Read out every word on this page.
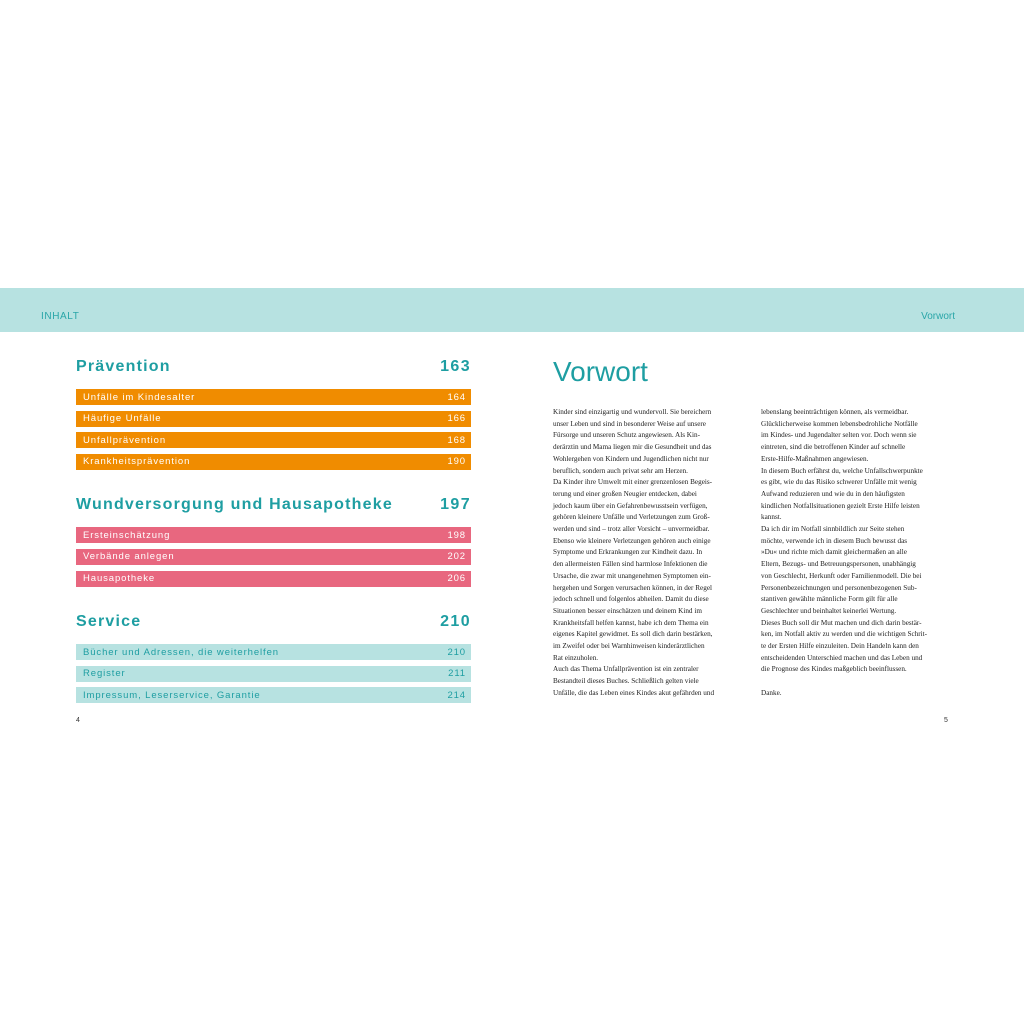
INHALT	Vorwort
Prävention	163
Unfälle im Kindesalter	164
Häufige Unfälle	166
Unfallprävention	168
Krankheitsprävention	190
Wundversorgung und Hausapotheke	197
Ersteinschätzung	198
Verbände anlegen	202
Hausapotheke	206
Service	210
Bücher und Adressen, die weiterhelfen	210
Register	211
Impressum, Leserservice, Garantie	214
4	5
Vorwort
Kinder sind einzigartig und wundervoll. Sie bereichern
unser Leben und sind in besonderer Weise auf unsere
Fürsorge und unseren Schutz angewiesen. Als Kin-
derärztin und Mama liegen mir die Gesundheit und das
Wohlergehen von Kindern und Jugendlichen nicht nur
beruflich, sondern auch privat sehr am Herzen.
Da Kinder ihre Umwelt mit einer grenzenlosen Begeis-
terung und einer großen Neugier entdecken, dabei
jedoch kaum über ein Gefahrenbewusstsein verfügen,
gehören kleinere Unfälle und Verletzungen zum Groß-
werden und sind – trotz aller Vorsicht – unvermeidbar.
Ebenso wie kleinere Verletzungen gehören auch einige
Symptome und Erkrankungen zur Kindheit dazu. In
den allermeisten Fällen sind harmlose Infektionen die
Ursache, die zwar mit unangenehmen Symptomen ein-
hergehen und Sorgen verursachen können, in der Regel
jedoch schnell und folgenlos abheilen. Damit du diese
Situationen besser einschätzen und deinem Kind im
Krankheitsfall helfen kannst, habe ich dem Thema ein
eigenes Kapitel gewidmet. Es soll dich darin bestärken,
im Zweifel oder bei Warnhinweisen kinderärztlichen
Rat einzuholen.
Auch das Thema Unfallprävention ist ein zentraler
Bestandteil dieses Buches. Schließlich gelten viele
Unfälle, die das Leben eines Kindes akut gefährden und
lebenslang beeinträchtigen können, als vermeidbar.
Glücklicherweise kommen lebensbedrohliche Notfälle
im Kindes- und Jugendalter selten vor. Doch wenn sie
eintreten, sind die betroffenen Kinder auf schnelle
Erste-Hilfe-Maßnahmen angewiesen.
In diesem Buch erfährst du, welche Unfallschwerpunkte
es gibt, wie du das Risiko schwerer Unfälle mit wenig
Aufwand reduzieren und wie du in den häufigsten
kindlichen Notfallsituationen gezielt Erste Hilfe leisten
kannst.
Da ich dir im Notfall sinnbildlich zur Seite stehen
möchte, verwende ich in diesem Buch bewusst das
»Du« und richte mich damit gleichermaßen an alle
Eltern, Bezugs- und Betreuungspersonen, unabhängig
von Geschlecht, Herkunft oder Familienmodell. Die bei
Personenbezeichnungen und personenbezogenen Sub-
stantiven gewählte männliche Form gilt für alle
Geschlechter und beinhaltet keinerlei Wertung.
Dieses Buch soll dir Mut machen und dich darin bestär-
ken, im Notfall aktiv zu werden und die wichtigen Schrit-
te der Ersten Hilfe einzuleiten. Dein Handeln kann den
entscheidenden Unterschied machen und das Leben und
die Prognose des Kindes maßgeblich beeinflussen.

Danke.
